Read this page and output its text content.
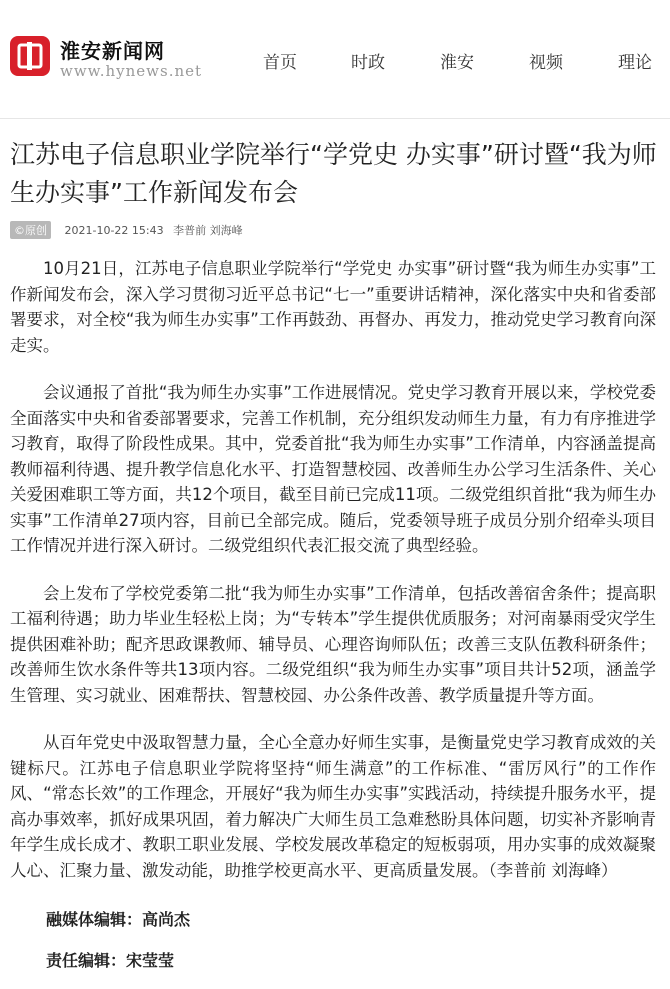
淮安新闻网
www.hynews.net	首页	时政	淮安	视频	理论
江苏电子信息职业学院举行“学党史 办实事”研讨暨“我为师生办实事”工作新闻发布会
©原创 2021-10-22 15:43 李普前 刘海峰

10月21日，江苏电子信息职业学院举行“学党史 办实事”研讨暨“我为师生办实事”工作新闻发布会，深入学习贯彻习近平总书记“七一”重要讲话精神，深化落实中央和省委部署要求，对全校“我为师生办实事”工作再鼓劲、再督办、再发力，推动党史学习教育向深走实。

会议通报了首批“我为师生办实事”工作进展情况。党史学习教育开展以来，学校党委全面落实中央和省委部署要求，完善工作机制，充分组织发动师生力量，有力有序推进学习教育，取得了阶段性成果。其中，党委首批“我为师生办实事”工作清单，内容涵盖提高教师福利待遇、提升教学信息化水平、打造智慧校园、改善师生办公学习生活条件、关心关爱困难职工等方面，共12个项目，截至目前已完成11项。二级党组织首批“我为师生办实事”工作清单27项内容，目前已全部完成。随后，党委领导班子成员分别介绍牵头项目工作情况并进行深入研讨。二级党组织代表汇报交流了典型经验。

会上发布了学校党委第二批“我为师生办实事”工作清单，包括改善宿舍条件；提高职工福利待遇；助力毕业生轻松上岗；为“专转本”学生提供优质服务；对河南暴雨受灾学生提供困难补助；配齐思政课教师、辅导员、心理咨询师队伍；改善三支队伍教科研条件；改善师生饮水条件等共13项内容。二级党组织“我为师生办实事”项目共计52项，涵盖学生管理、实习就业、困难帮扶、智慧校园、办公条件改善、教学质量提升等方面。

从百年党史中汲取智慧力量，全心全意办好师生实事，是衡量党史学习教育成效的关键标尺。江苏电子信息职业学院将坚持“师生满意”的工作标准、“雷厉风行”的工作作风、“常态长效”的工作理念，开展好“我为师生办实事”实践活动，持续提升服务水平，提高办事效率，抓好成果巩固，着力解决广大师生员工急难愁盼具体问题，切实补齐影响青年学生成长成才、教职工职业发展、学校发展改革稳定的短板弱项，用办实事的成效凝聚人心、汇聚力量、激发动能，助推学校更高水平、更高质量发展。（李普前 刘海峰）

融媒体编辑：高尚杰
责任编辑：宋莹莹
